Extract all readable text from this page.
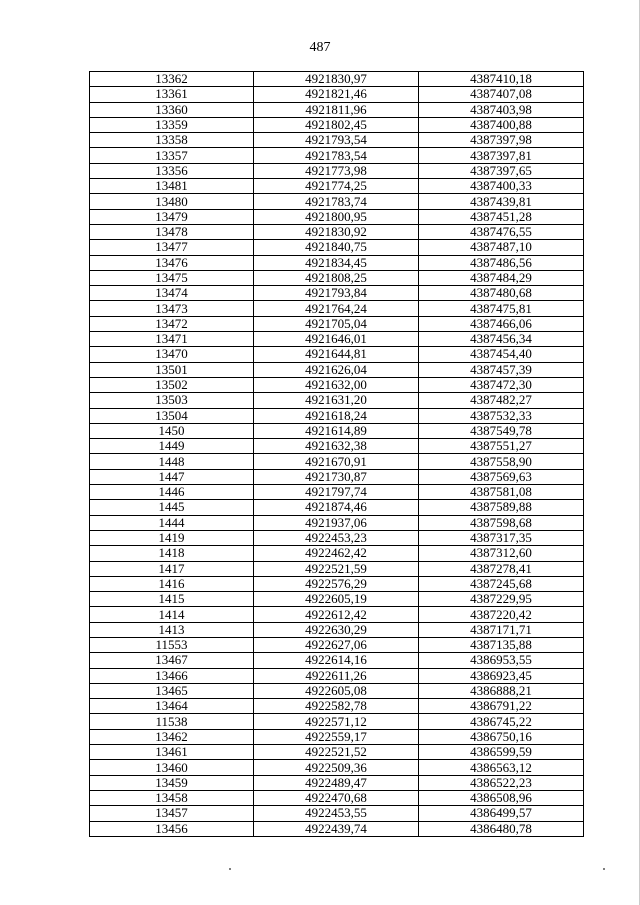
487
13362	4921830,97	4387410,18
13361	4921821,46	4387407,08
13360	4921811,96	4387403,98
13359	4921802,45	4387400,88
13358	4921793,54	4387397,98
13357	4921783,54	4387397,81
13356	4921773,98	4387397,65
13481	4921774,25	4387400,33
13480	4921783,74	4387439,81
13479	4921800,95	4387451,28
13478	4921830,92	4387476,55
13477	4921840,75	4387487,10
13476	4921834,45	4387486,56
13475	4921808,25	4387484,29
13474	4921793,84	4387480,68
13473	4921764,24	4387475,81
13472	4921705,04	4387466,06
13471	4921646,01	4387456,34
13470	4921644,81	4387454,40
13501	4921626,04	4387457,39
13502	4921632,00	4387472,30
13503	4921631,20	4387482,27
13504	4921618,24	4387532,33
1450	4921614,89	4387549,78
1449	4921632,38	4387551,27
1448	4921670,91	4387558,90
1447	4921730,87	4387569,63
1446	4921797,74	4387581,08
1445	4921874,46	4387589,88
1444	4921937,06	4387598,68
1419	4922453,23	4387317,35
1418	4922462,42	4387312,60
1417	4922521,59	4387278,41
1416	4922576,29	4387245,68
1415	4922605,19	4387229,95
1414	4922612,42	4387220,42
1413	4922630,29	4387171,71
11553	4922627,06	4387135,88
13467	4922614,16	4386953,55
13466	4922611,26	4386923,45
13465	4922605,08	4386888,21
13464	4922582,78	4386791,22
11538	4922571,12	4386745,22
13462	4922559,17	4386750,16
13461	4922521,52	4386599,59
13460	4922509,36	4386563,12
13459	4922489,47	4386522,23
13458	4922470,68	4386508,96
13457	4922453,55	4386499,57
13456	4922439,74	4386480,78
